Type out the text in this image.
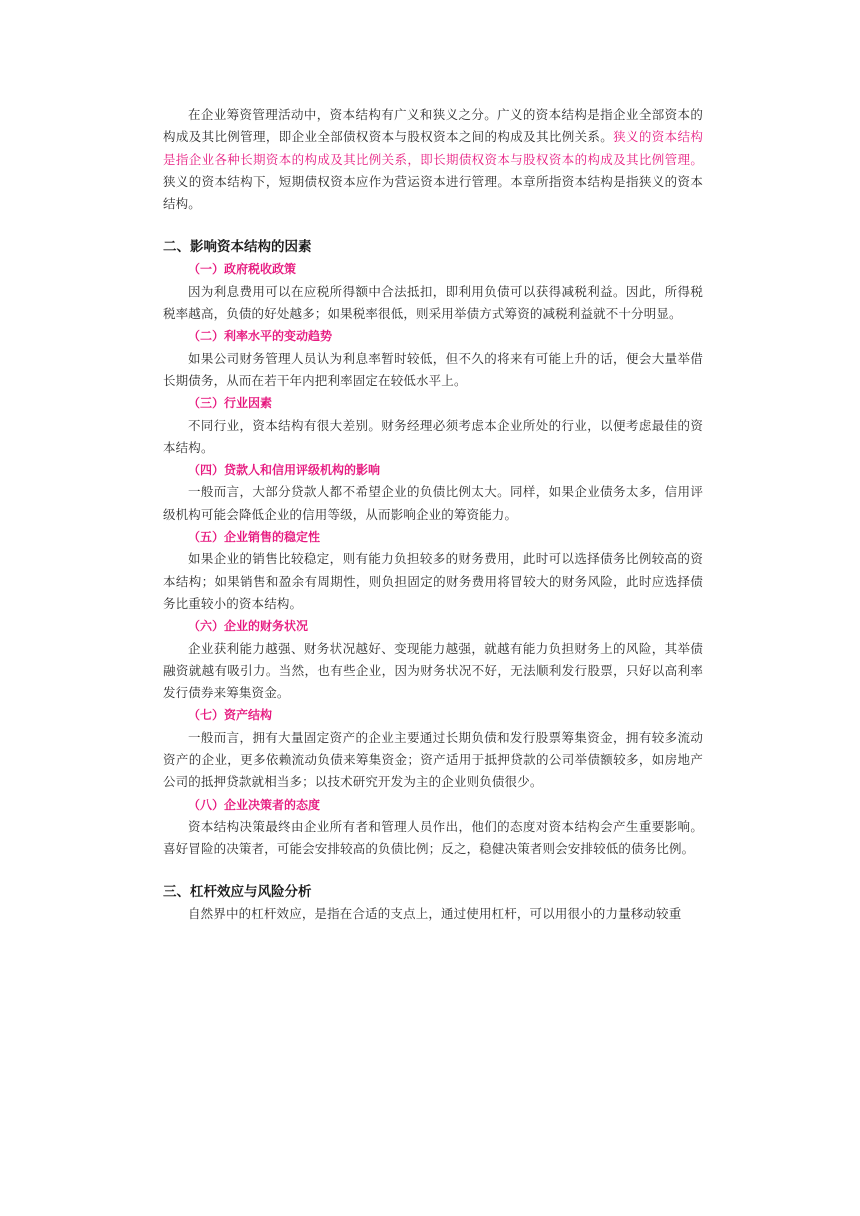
在企业筹资管理活动中，资本结构有广义和狭义之分。广义的资本结构是指企业全部资本的构成及其比例管理，即企业全部债权资本与股权资本之间的构成及其比例关系。狭义的资本结构是指企业各种长期资本的构成及其比例关系，即长期债权资本与股权资本的构成及其比例管理。狭义的资本结构下，短期债权资本应作为营运资本进行管理。本章所指资本结构是指狭义的资本结构。

二、影响资本结构的因素
（一）政府税收政策

因为利息费用可以在应税所得额中合法抵扣，即利用负债可以获得减税利益。因此，所得税税率越高，负债的好处越多；如果税率很低，则采用举债方式筹资的减税利益就不十分明显。

（二）利率水平的变动趋势

如果公司财务管理人员认为利息率暂时较低，但不久的将来有可能上升的话，便会大量举借长期债务，从而在若干年内把利率固定在较低水平上。

（三）行业因素

不同行业，资本结构有很大差别。财务经理必须考虑本企业所处的行业，以便考虑最佳的资本结构。

（四）贷款人和信用评级机构的影响

一般而言，大部分贷款人都不希望企业的负债比例太大。同样，如果企业债务太多，信用评级机构可能会降低企业的信用等级，从而影响企业的筹资能力。

（五）企业销售的稳定性

如果企业的销售比较稳定，则有能力负担较多的财务费用，此时可以选择债务比例较高的资本结构；如果销售和盈余有周期性，则负担固定的财务费用将冒较大的财务风险，此时应选择债务比重较小的资本结构。

（六）企业的财务状况

企业获利能力越强、财务状况越好、变现能力越强，就越有能力负担财务上的风险，其举债融资就越有吸引力。当然，也有些企业，因为财务状况不好，无法顺利发行股票，只好以高利率发行债券来筹集资金。

（七）资产结构

一般而言，拥有大量固定资产的企业主要通过长期负债和发行股票筹集资金，拥有较多流动资产的企业，更多依赖流动负债来筹集资金；资产适用于抵押贷款的公司举债额较多，如房地产公司的抵押贷款就相当多；以技术研究开发为主的企业则负债很少。

（八）企业决策者的态度

资本结构决策最终由企业所有者和管理人员作出，他们的态度对资本结构会产生重要影响。喜好冒险的决策者，可能会安排较高的负债比例；反之，稳健决策者则会安排较低的债务比例。

三、杠杆效应与风险分析

自然界中的杠杆效应，是指在合适的支点上，通过使用杠杆，可以用很小的力量移动较重
